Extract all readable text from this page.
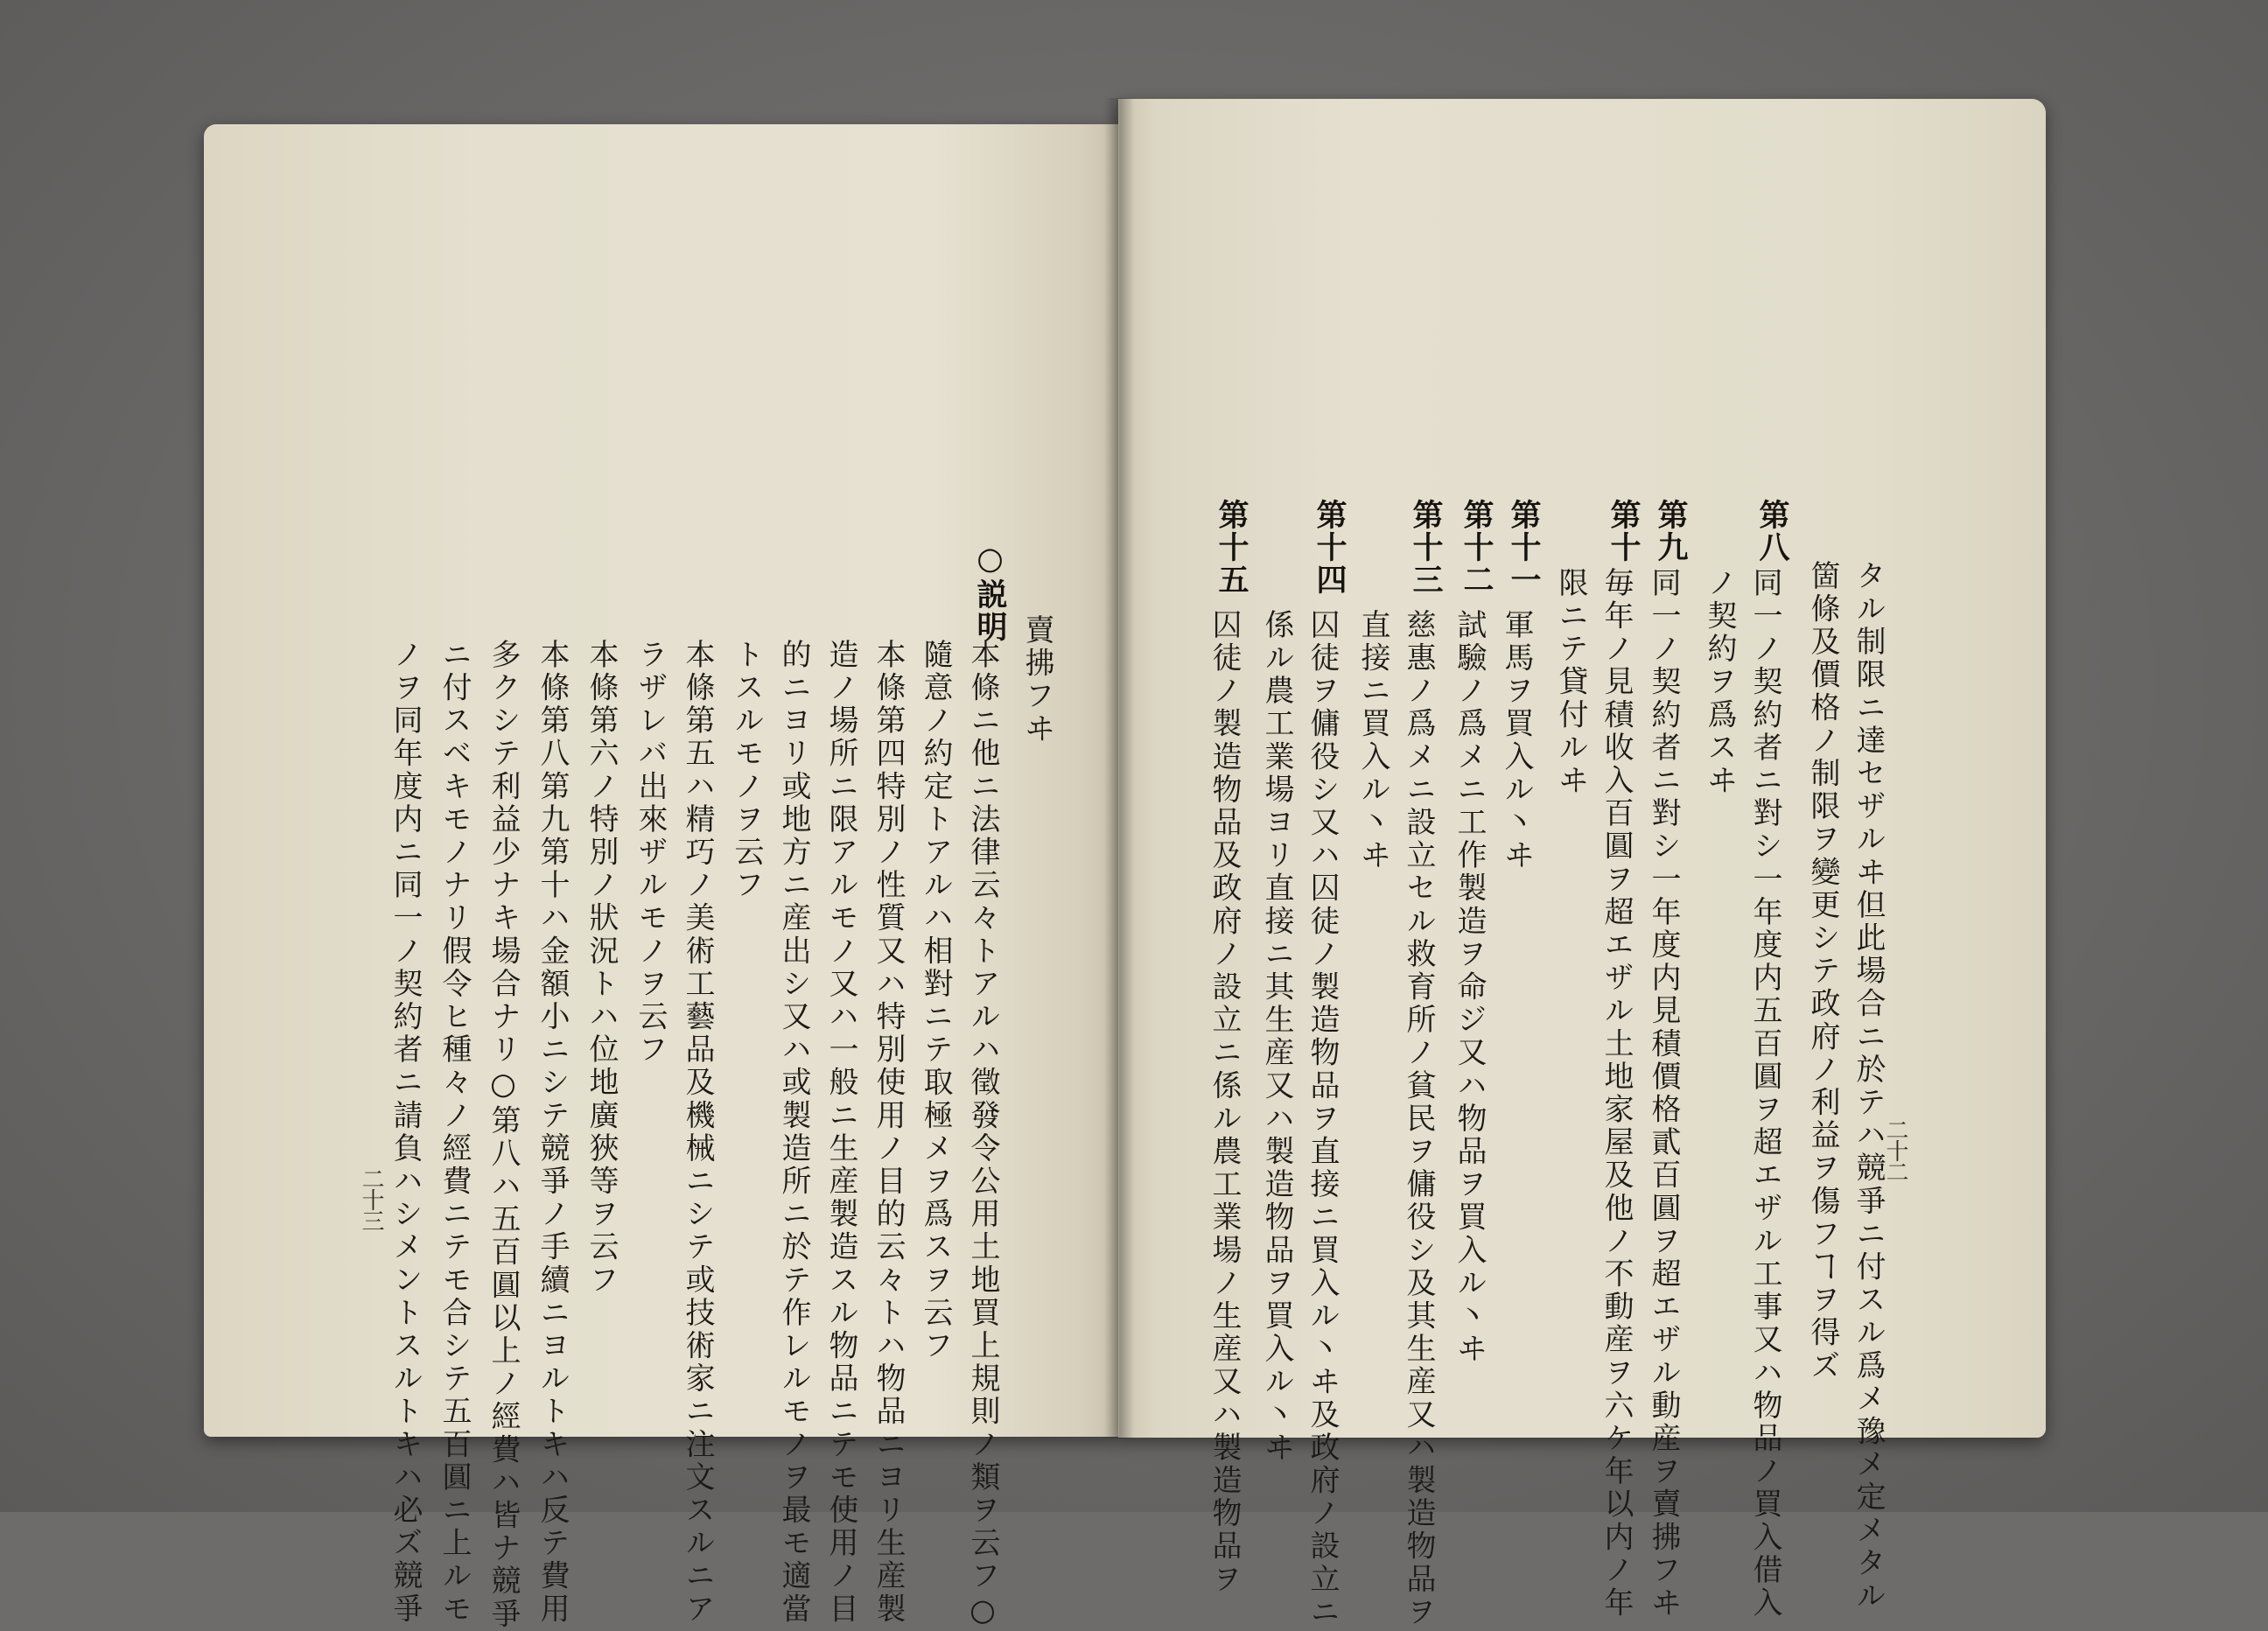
二十二
タル制限ニ達セザルヰ但此場合ニ於テハ競爭ニ付スル爲メ豫メ定メタル
箇條及價格ノ制限ヲ變更シテ政府ノ利益ヲ傷フヿヲ得ズ
第八
同一ノ契約者ニ對シ一年度内五百圓ヲ超エザル工事又ハ物品ノ買入借入
ノ契約ヲ爲スヰ
第九
同一ノ契約者ニ對シ一年度内見積價格貳百圓ヲ超エザル動産ヲ賣拂フヰ
第十
毎年ノ見積收入百圓ヲ超エザル土地家屋及他ノ不動産ヲ六ケ年以内ノ年
限ニテ貸付ルヰ
第十一
軍馬ヲ買入ル丶ヰ
第十二
試驗ノ爲メニ工作製造ヲ命ジ又ハ物品ヲ買入ル丶ヰ
第十三
慈惠ノ爲メニ設立セル救育所ノ貧民ヲ傭役シ及其生産又ハ製造物品ヲ
直接ニ買入ル丶ヰ
第十四
囚徒ヲ傭役シ又ハ囚徒ノ製造物品ヲ直接ニ買入ル丶ヰ及政府ノ設立ニ
係ル農工業場ヨリ直接ニ其生産又ハ製造物品ヲ買入ル丶ヰ
第十五
囚徒ノ製造物品及政府ノ設立ニ係ル農工業場ノ生産又ハ製造物品ヲ
賣拂フヰ
○説明
本條ニ他ニ法律云々トアルハ徵發令公用土地買上規則ノ類ヲ云フ○
隨意ノ約定トアルハ相對ニテ取極メヲ爲スヲ云フ
本條第四特別ノ性質又ハ特別使用ノ目的云々トハ物品ニヨリ生産製
造ノ場所ニ限アルモノ又ハ一般ニ生産製造スル物品ニテモ使用ノ目
的ニヨリ或地方ニ産出シ又ハ或製造所ニ於テ作レルモノヲ最モ適當
トスルモノヲ云フ
本條第五ハ精巧ノ美術工藝品及機械ニシテ或技術家ニ注文スルニア
ラザレバ出來ザルモノヲ云フ
本條第六ノ特別ノ狀況トハ位地廣狹等ヲ云フ
本條第八第九第十ハ金額小ニシテ競爭ノ手續ニヨルトキハ反テ費用
多クシテ利益少ナキ場合ナリ○第八ハ五百圓以上ノ經費ハ皆ナ競爭
ニ付スベキモノナリ假令ヒ種々ノ經費ニテモ合シテ五百圓ニ上ルモ
ノヲ同年度内ニ同一ノ契約者ニ請負ハシメントスルトキハ必ズ競爭
二十三
